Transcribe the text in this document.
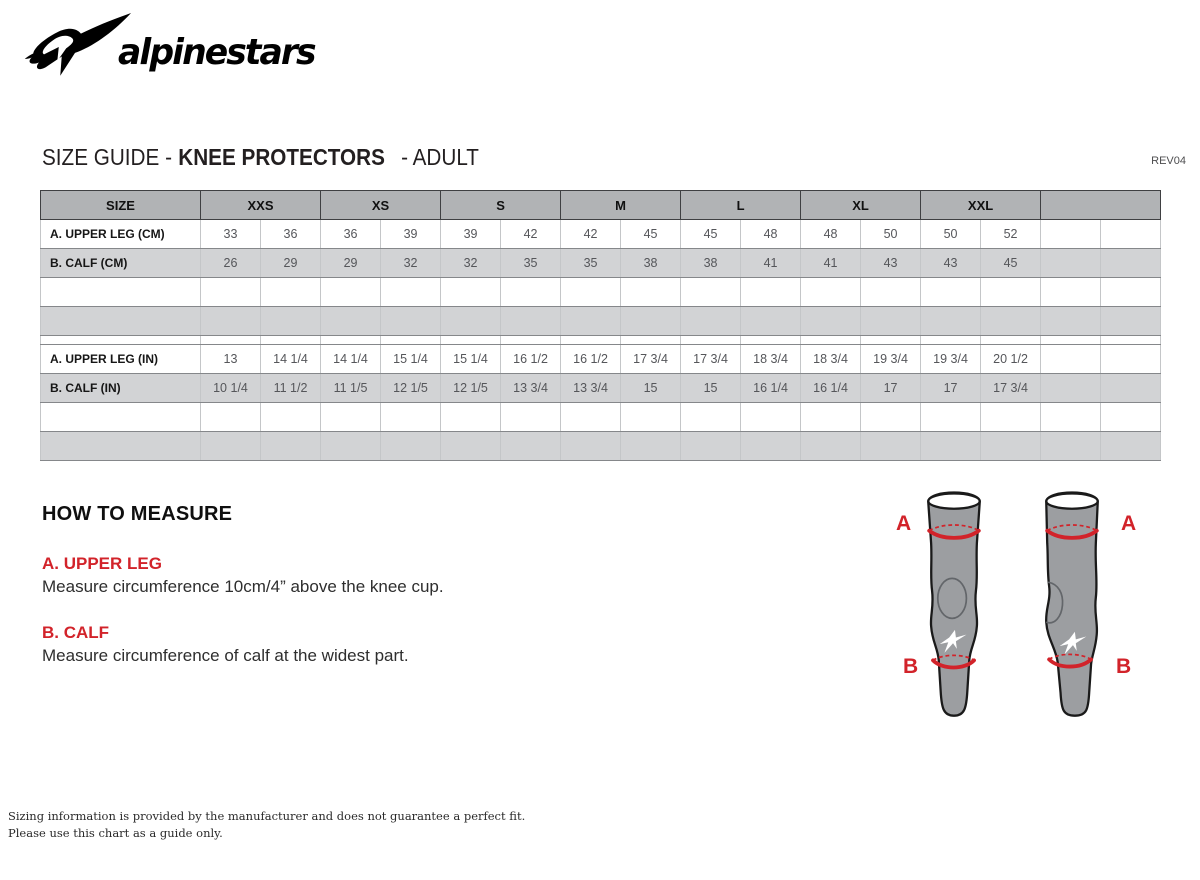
alpinestars
SIZE GUIDE - KNEE PROTECTORS - ADULT	REV04
SIZE	XXS		XS		S		M		L		XL		XXL			
A. UPPER LEG (CM)	33	36	36	39	39	42	42	45	45	48	48	50	50	52		
B. CALF (CM)	26	29	29	32	32	35	35	38	38	41	41	43	43	45		

A. UPPER LEG (IN)	13	14 1/4	14 1/4	15 1/4	15 1/4	16 1/2	16 1/2	17 3/4	17 3/4	18 3/4	18 3/4	19 3/4	19 3/4	20 1/2		
B. CALF (IN)	10 1/4	11 1/2	11 1/5	12 1/5	12 1/5	13 3/4	13 3/4	15	15	16 1/4	16 1/4	17	17	17 3/4		

HOW TO MEASURE

A. UPPER LEG

Measure circumference 10cm/4” above the knee cup.

B. CALF

Measure circumference of calf at the widest part.

A	A
B	B
Sizing information is provided by the manufacturer and does not guarantee a perfect fit.
Please use this chart as a guide only.
